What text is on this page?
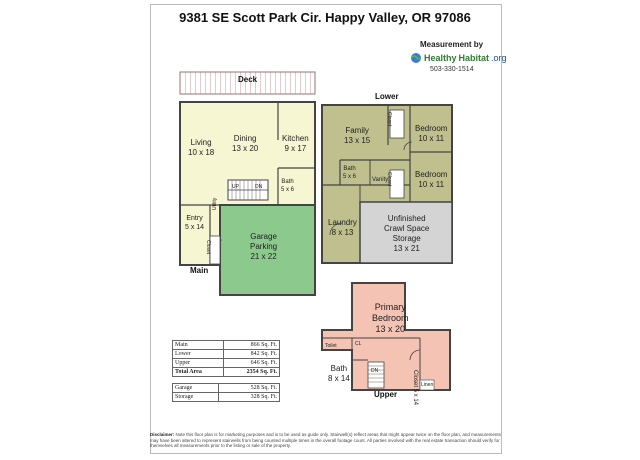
9381 SE Scott Park Cir. Happy Valley, OR 97086
Measurement by
Healthy Habitat .org
503-330-1514
Deck
Main
Lower
Upper
Living
10 x 18
Dining
13 x 20
Kitchen
9 x 17
Bath
5 x 6
Entry
5 x 14
Garage
Parking
21 x 22
Family
13 x 15
Bedroom
10 x 11
Bedroom
10 x 11
Bath
5 x 6	Vanity
Laundry
8 x 13
Unfinished
Crawl Space
Storage
13 x 21
Primary
Bedroom
13 x 20
Bath
8 x 14
Toilet
Closet 5 x 14
UP	DN
Closet
Utility
Closet
Closet
DN
CL
Linen
Main	866 Sq. Ft.
Lower	842 Sq. Ft.
Upper	646 Sq. Ft.
Total Area	2354 Sq. Ft.
Garage	528 Sq. Ft.
Storage	328 Sq. Ft.
Disclaimer: Note this floor plan is for marketing purposes and is to be used as guide only. Stairwell(s) reflect areas that might appear twice on the floor plan, and measurements may have been altered to represent stairwells from being counted multiple times in the overall footage count. All parties involved with the real estate transaction should verify for themselves all measurements prior to the listing or sale of the property.
